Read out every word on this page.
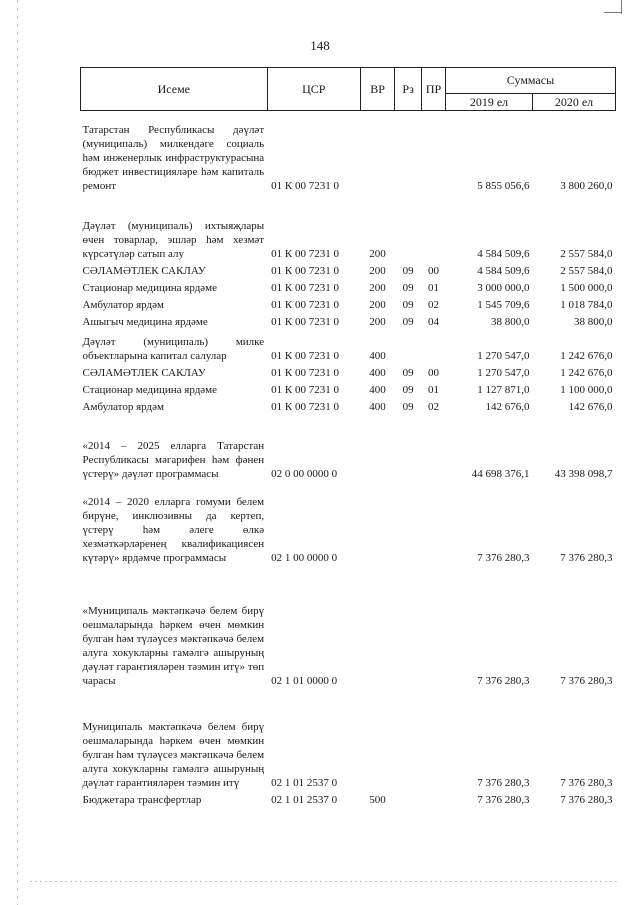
148
Исеме	ЦСР	ВР	Рз	ПР	Суммасы	
					2019 ел	2020 ел
Татарстан Республикасы дәүләт (муниципаль) милкендәге социаль һәм инженерлык инфраструктурасына бюджет инвестицияләре һәм капиталь ремонт	01 К 00 7231 0				5 855 056,6	3 800 260,0
Дәүләт (муниципаль) ихтыяҗлары өчен товарлар, эшләр һәм хезмәт күрсәтүләр сатып алу	01 К 00 7231 0	200			4 584 509,6	2 557 584,0
СӘЛАМӘТЛЕК САКЛАУ	01 К 00 7231 0	200	09	00	4 584 509,6	2 557 584,0
Стационар медицина ярдәме	01 К 00 7231 0	200	09	01	3 000 000,0	1 500 000,0
Амбулатор ярдәм	01 К 00 7231 0	200	09	02	1 545 709,6	1 018 784,0
Ашыгыч медицина ярдәме	01 К 00 7231 0	200	09	04	38 800,0	38 800,0
Дәүләт (муниципаль) милке объектларына капитал салулар	01 К 00 7231 0	400			1 270 547,0	1 242 676,0
СӘЛАМӘТЛЕК САКЛАУ	01 К 00 7231 0	400	09	00	1 270 547,0	1 242 676,0
Стационар медицина ярдәме	01 К 00 7231 0	400	09	01	1 127 871,0	1 100 000,0
Амбулатор ярдәм	01 К 00 7231 0	400	09	02	142 676,0	142 676,0
«2014 – 2025 елларга Татарстан Республикасы мәгарифен һәм фәнен үстерү» дәүләт программасы	02 0 00 0000 0				44 698 376,1	43 398 098,7
«2014 – 2020 елларга гомуми белем бирүне, инклюзивны да кертеп, үстерү һәм әлеге өлкә хезмәткәрләренең квалификациясен күтәрү» ярдәмче программасы	02 1 00 0000 0				7 376 280,3	7 376 280,3
«Муниципаль мәктәпкәчә белем бирү оешмаларында һәркем өчен мөмкин булган һәм түләүсез мәктәпкәчә белем алуга хокукларны гамәлгә ашыруның дәүләт гарантияләрен тәэмин итү» төп чарасы	02 1 01 0000 0				7 376 280,3	7 376 280,3
Муниципаль мәктәпкәчә белем бирү оешмаларында һәркем өчен мөмкин булган һәм түләүсез мәктәпкәчә белем алуга хокукларны гамәлгә ашыруның дәүләт гарантияләрен тәэмин итү	02 1 01 2537 0				7 376 280,3	7 376 280,3
Бюджетара трансфертлар	02 1 01 2537 0	500			7 376 280,3	7 376 280,3
